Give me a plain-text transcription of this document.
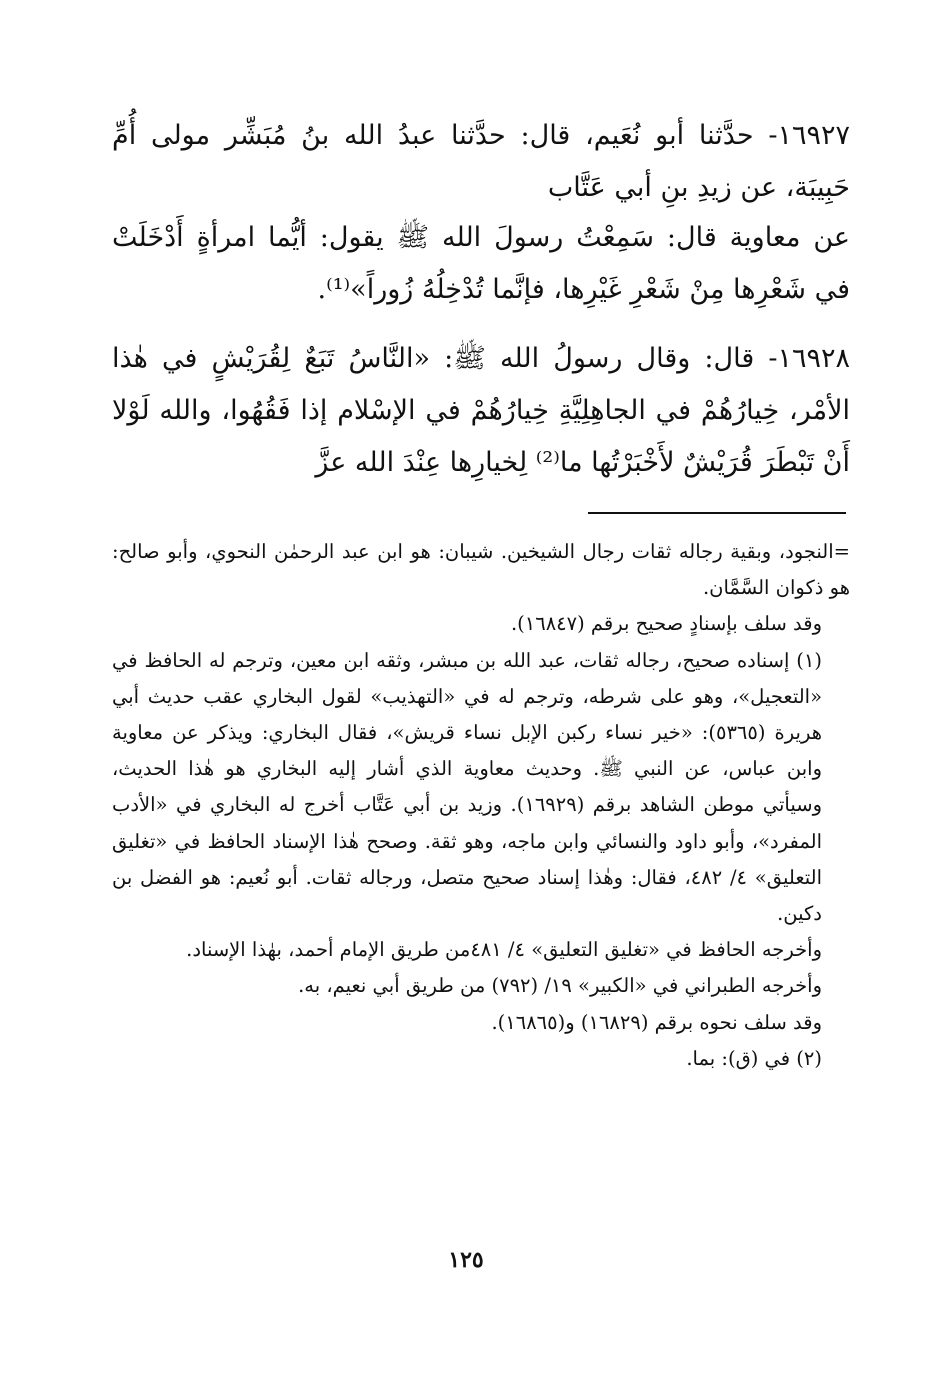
١٦٩٢٧- حدَّثنا أبو نُعَيم، قال: حدَّثنا عبدُ الله بنُ مُبَشِّر مولى أُمِّ حَبِيبَة، عن زيدِ بنِ أبي عَتَّاب
عن معاوية قال: سَمِعْتُ رسولَ الله ﷺ يقول: أيُّما امرأةٍ أَدْخَلَتْ في شَعْرِها مِنْ شَعْرِ غَيْرِها، فإنَّما تُدْخِلُهُ زُوراً»⁽¹⁾.
١٦٩٢٨- قال: وقال رسولُ الله ﷺ: «النَّاسُ تَبَعٌ لِقُرَيْشٍ في هٰذا الأمْر، خِيارُهُمْ في الجاهِلِيَّةِ خِيارُهُمْ في الإسْلام إذا فَقُهُوا، والله لَوْلا أَنْ تَبْطَرَ قُرَيْشٌ لأَخْبَرْتُها ما⁽²⁾ لِخيارِها عِنْدَ الله عزَّ

=النجود، وبقية رجاله ثقات رجال الشيخين. شيبان: هو ابن عبد الرحمٰن النحوي، وأبو صالح: هو ذكوان السَّمَّان.

وقد سلف بإسنادٍ صحيح برقم (١٦٨٤٧).

(١) إسناده صحيح، رجاله ثقات، عبد الله بن مبشر، وثقه ابن معين، وترجم له الحافظ في «التعجيل»، وهو على شرطه، وترجم له في «التهذيب» لقول البخاري عقب حديث أبي هريرة (٥٣٦٥): «خير نساء ركبن الإبل نساء قريش»، فقال البخاري: ويذكر عن معاوية وابن عباس، عن النبي ﷺ. وحديث معاوية الذي أشار إليه البخاري هو هٰذا الحديث، وسيأتي موطن الشاهد برقم (١٦٩٢٩). وزيد بن أبي عَتَّاب أخرج له البخاري في «الأدب المفرد»، وأبو داود والنسائي وابن ماجه، وهو ثقة. وصحح هٰذا الإسناد الحافظ في «تغليق التعليق» ٤/ ٤٨٢، فقال: وهٰذا إسناد صحيح متصل، ورجاله ثقات. أبو نُعيم: هو الفضل بن دكين.

وأخرجه الحافظ في «تغليق التعليق» ٤/ ٤٨١من طريق الإمام أحمد، بهٰذا الإسناد.

وأخرجه الطبراني في «الكبير» ١٩/ (٧٩٢) من طريق أبي نعيم، به.

وقد سلف نحوه برقم (١٦٨٢٩) و(١٦٨٦٥).

(٢) في (ق): بما.

١٢٥
